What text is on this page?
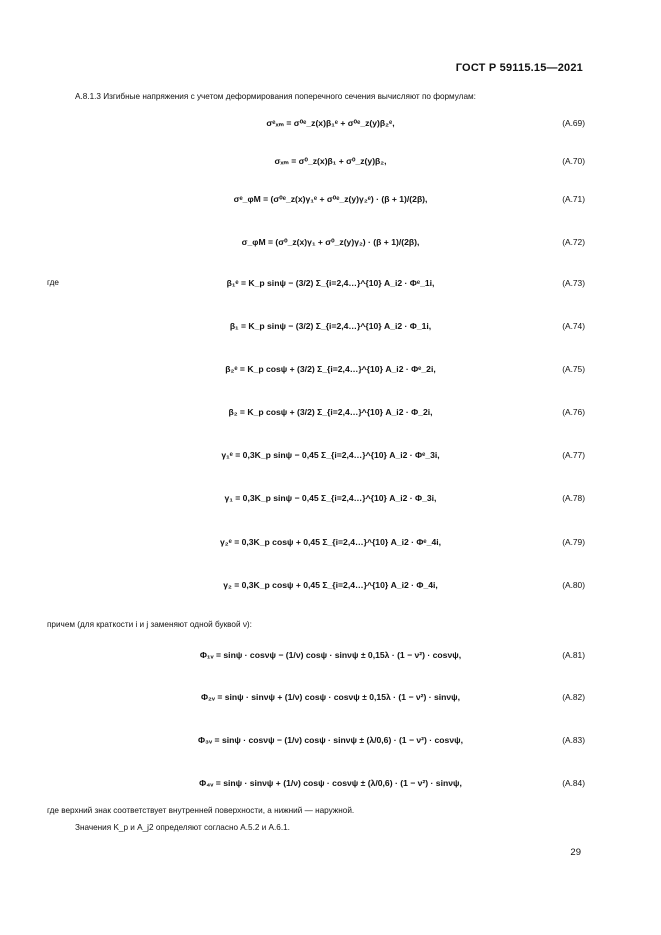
ГОСТ Р 59115.15—2021
А.8.1.3 Изгибные напряжения с учетом деформирования поперечного сечения вычисляют по формулам:
σᵉₓₘ = σ⁰ᵉ_z(x)β₁ᵉ + σ⁰ᵉ_z(y)β₂ᵉ,	(А.69)
σₓₘ = σ⁰_z(x)β₁ + σ⁰_z(y)β₂,	(А.70)
σᵉ_φM = (σ⁰ᵉ_z(x)γ₁ᵉ + σ⁰ᵉ_z(y)γ₂ᵉ) · (β + 1)/(2β),	(А.71)
σ_φM = (σ⁰_z(x)γ₁ + σ⁰_z(y)γ₂) · (β + 1)/(2β),	(А.72)
где	β₁ᵉ = K_p sinψ − (3/2) Σ_{i=2,4…}^{10} A_i2 · Φᵉ_1i,	(А.73)
β₁ = K_p sinψ − (3/2) Σ_{i=2,4…}^{10} A_i2 · Φ_1i,	(А.74)
β₂ᵉ = K_p cosψ + (3/2) Σ_{i=2,4…}^{10} A_i2 · Φᵉ_2i,	(А.75)
β₂ = K_p cosψ + (3/2) Σ_{i=2,4…}^{10} A_i2 · Φ_2i,	(А.76)
γ₁ᵉ = 0,3K_p sinψ − 0,45 Σ_{i=2,4…}^{10} A_i2 · Φᵉ_3i,	(А.77)
γ₁ = 0,3K_p sinψ − 0,45 Σ_{i=2,4…}^{10} A_i2 · Φ_3i,	(А.78)
γ₂ᵉ = 0,3K_p cosψ + 0,45 Σ_{i=2,4…}^{10} A_i2 · Φᵉ_4i,	(А.79)
γ₂ = 0,3K_p cosψ + 0,45 Σ_{i=2,4…}^{10} A_i2 · Φ_4i,	(А.80)
причем (для краткости i и j заменяют одной буквой ν):
Φ₁ᵥ = sinψ · cosνψ − (1/ν) cosψ · sinνψ ± 0,15λ · (1 − ν²) · cosνψ,	(А.81)
Φ₂ᵥ = sinψ · sinνψ + (1/ν) cosψ · cosνψ ± 0,15λ · (1 − ν²) · sinνψ,	(А.82)
Φ₃ᵥ = sinψ · cosνψ − (1/ν) cosψ · sinνψ ± (λ/0,6) · (1 − ν²) · cosνψ,	(А.83)
Φ₄ᵥ = sinψ · sinνψ + (1/ν) cosψ · cosνψ ± (λ/0,6) · (1 − ν²) · sinνψ,	(А.84)
где верхний знак соответствует внутренней поверхности, а нижний — наружной.
Значения K_p и A_j2 определяют согласно А.5.2 и А.6.1.
29
